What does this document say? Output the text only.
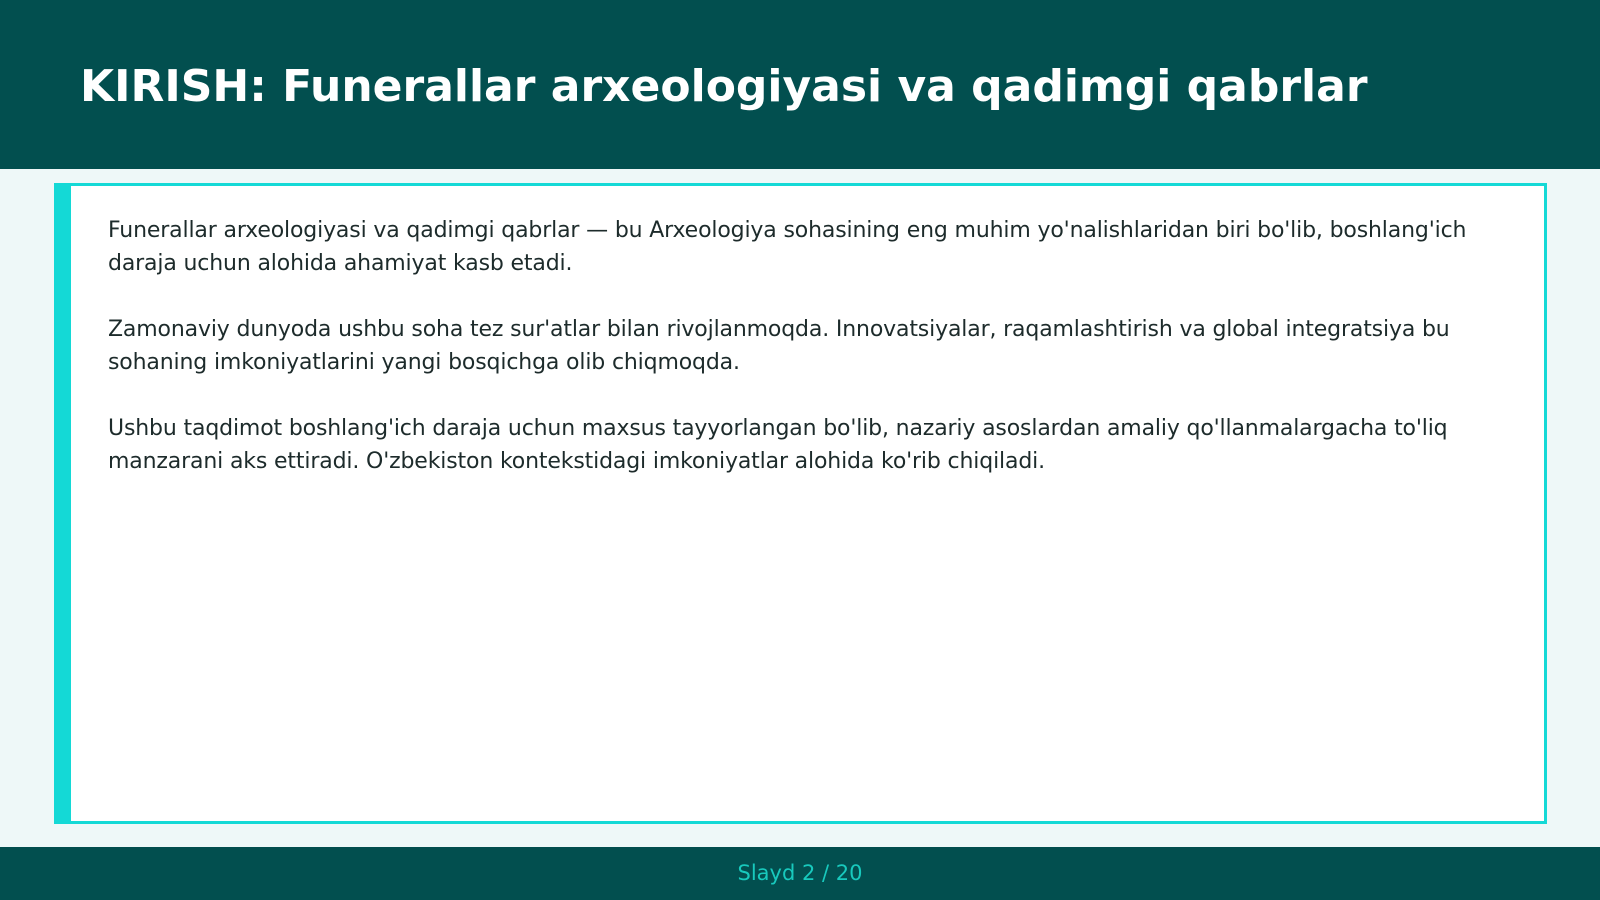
KIRISH: Funerallar arxeologiyasi va qadimgi qabrlar

Funerallar arxeologiyasi va qadimgi qabrlar — bu Arxeologiya sohasining eng muhim yo'nalishlaridan biri bo'lib, boshlang'ich daraja uchun alohida ahamiyat kasb etadi.

Zamonaviy dunyoda ushbu soha tez sur'atlar bilan rivojlanmoqda. Innovatsiyalar, raqamlashtirish va global integratsiya bu sohaning imkoniyatlarini yangi bosqichga olib chiqmoqda.

Ushbu taqdimot boshlang'ich daraja uchun maxsus tayyorlangan bo'lib, nazariy asoslardan amaliy qo'llanmalargacha to'liq manzarani aks ettiradi. O'zbekiston kontekstidagi imkoniyatlar alohida ko'rib chiqiladi.

Slayd 2 / 20
